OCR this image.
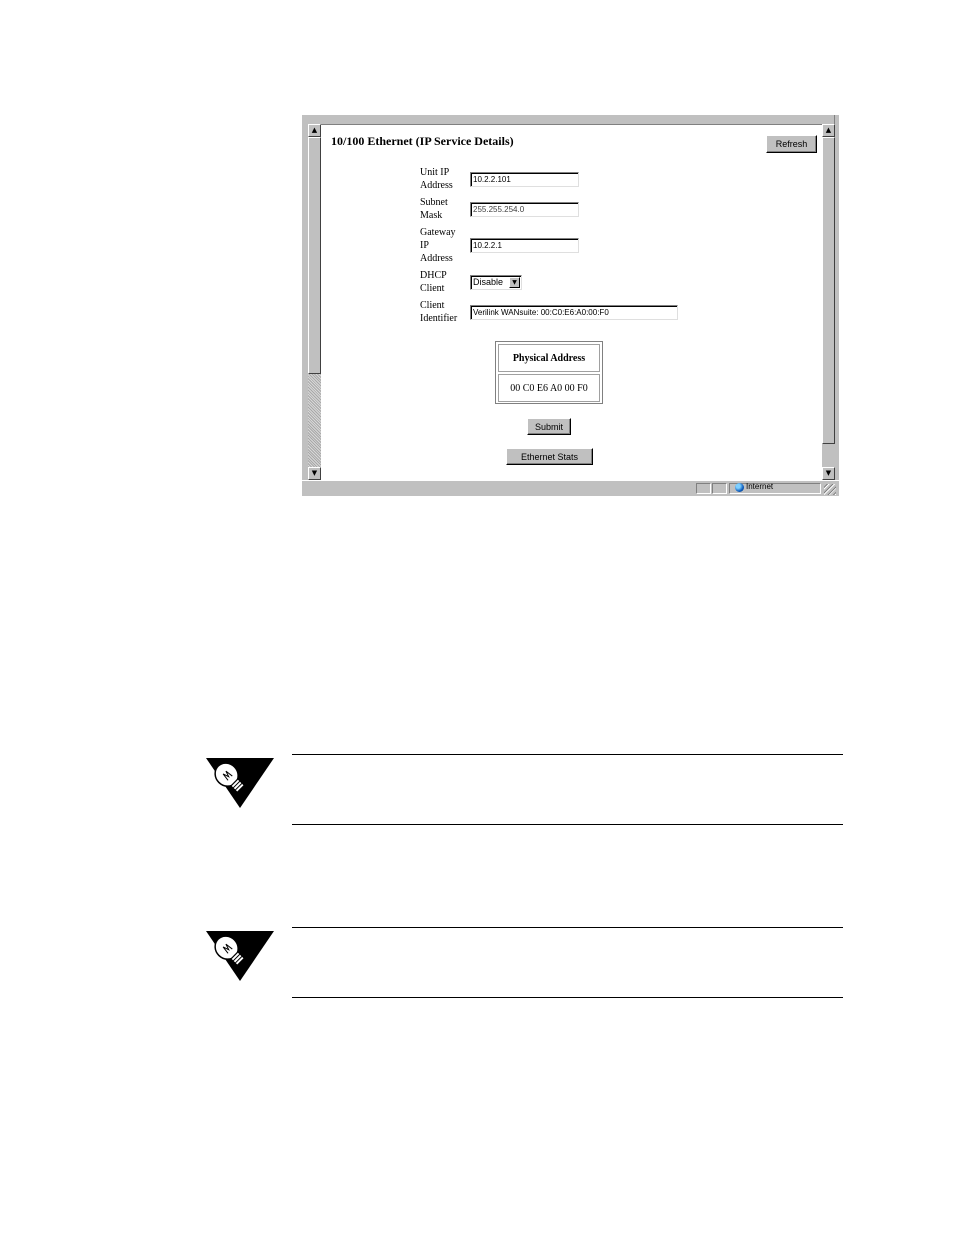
▲
▼
▲
▼
Internet
10/100 Ethernet (IP Service Details)	Refresh
Unit IP
Address
10.2.2.101
Subnet
Mask
255.255.254.0
Gateway
IP
Address
10.2.2.1
DHCP
Client
Disable	▼
Client
Identifier
Verilink WANsuite: 00:C0:E6:A0:00:F0
Physical Address
00 C0 E6 A0 00 F0
Submit
Ethernet Stats
